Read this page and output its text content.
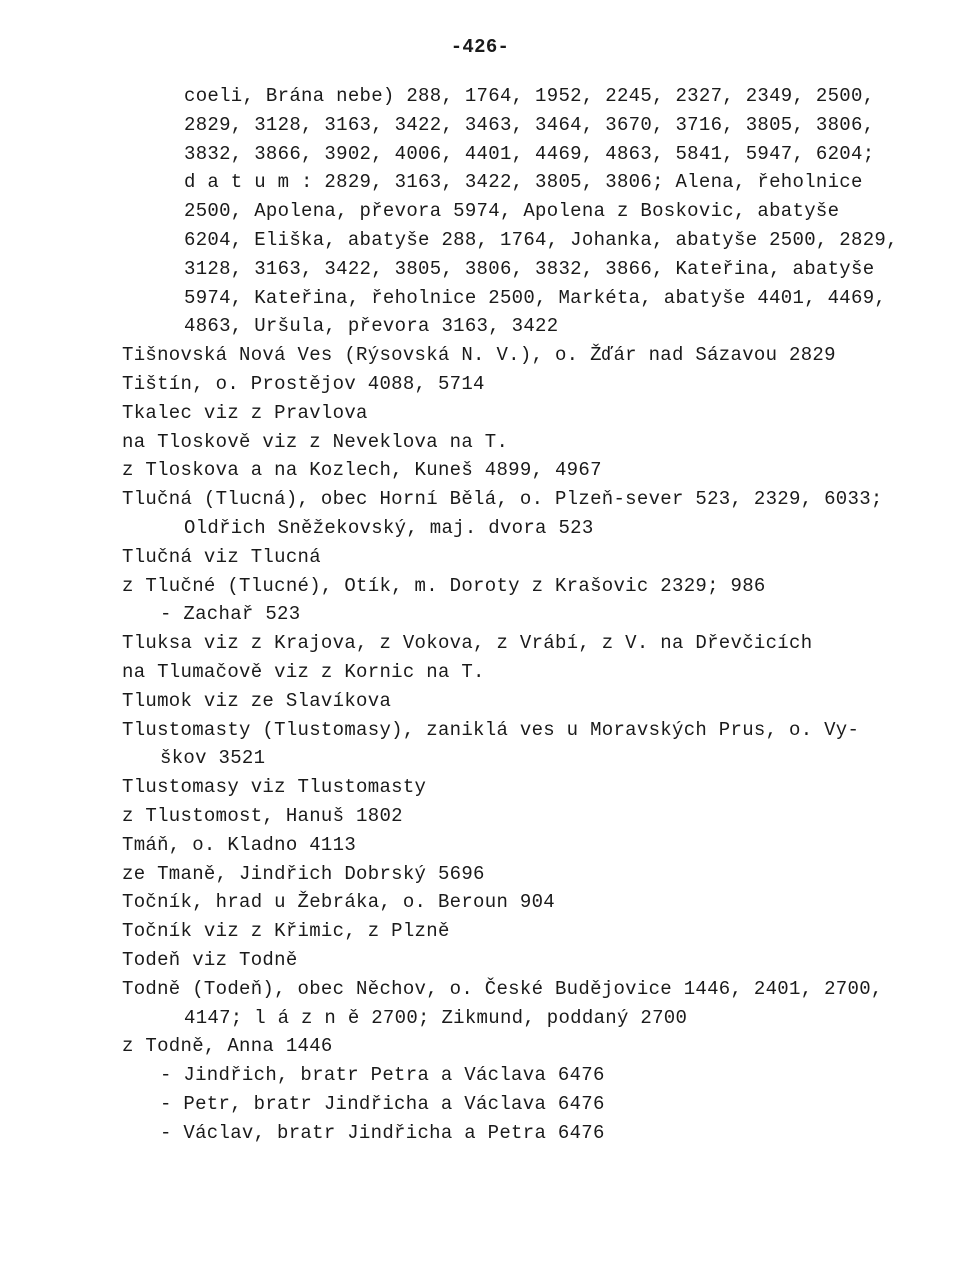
-426-
coeli, Brána nebe) 288, 1764, 1952, 2245, 2327, 2349, 2500,
2829, 3128, 3163, 3422, 3463, 3464, 3670, 3716, 3805, 3806,
3832, 3866, 3902, 4006, 4401, 4469, 4863, 5841, 5947, 6204;
d a t u m : 2829, 3163, 3422, 3805, 3806; Alena, řeholnice
2500, Apolena, převora 5974, Apolena z Boskovic, abatyše
6204, Eliška, abatyše 288, 1764, Johanka, abatyše 2500, 2829,
3128, 3163, 3422, 3805, 3806, 3832, 3866, Kateřina, abatyše
5974, Kateřina, řeholnice 2500, Markéta, abatyše 4401, 4469,
4863, Uršula, převora 3163, 3422
Tišnovská Nová Ves (Rýsovská N. V.), o. Žďár nad Sázavou 2829
Tištín, o. Prostějov 4088, 5714
Tkalec viz z Pravlova
na Tloskově viz z Neveklova na T.
z Tloskova a na Kozlech, Kuneš 4899, 4967
Tlučná (Tlucná), obec Horní Bělá, o. Plzeň-sever 523, 2329, 6033;
Oldřich Sněžekovský, maj. dvora 523
Tlučná viz Tlucná
z Tlučné (Tlucné), Otík, m. Doroty z Krašovic 2329; 986
- Zachař 523
Tluksa viz z Krajova, z Vokova, z Vrábí, z V. na Dřevčicích
na Tlumačově viz z Kornic na T.
Tlumok viz ze Slavíkova
Tlustomasty (Tlustomasy), zaniklá ves u Moravských Prus, o. Vy-
škov 3521
Tlustomasy viz Tlustomasty
z Tlustomost, Hanuš 1802
Tmáň, o. Kladno 4113
ze Tmaně, Jindřich Dobrský 5696
Točník, hrad u Žebráka, o. Beroun 904
Točník viz z Křimic, z Plzně
Todeň viz Todně
Todně (Todeň), obec Něchov, o. České Budějovice 1446, 2401, 2700,
4147; l á z n ě 2700; Zikmund, poddaný 2700
z Todně, Anna 1446
- Jindřich, bratr Petra a Václava 6476
- Petr, bratr Jindřicha a Václava 6476
- Václav, bratr Jindřicha a Petra 6476
